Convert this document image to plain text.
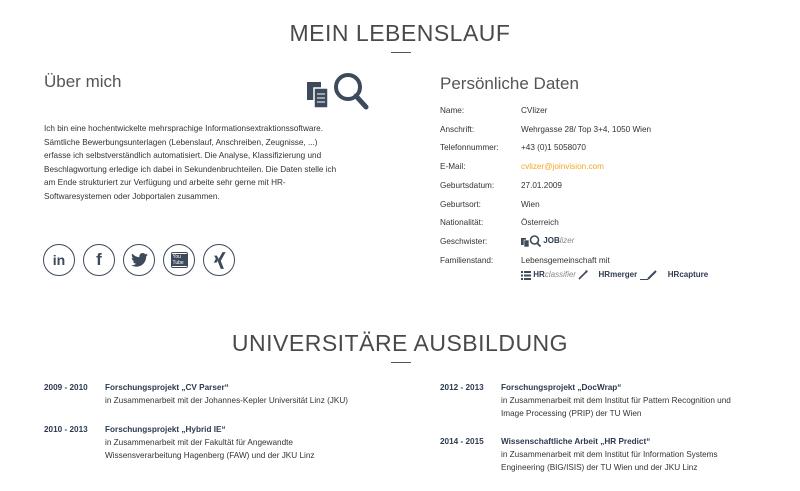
MEIN LEBENSLAUF
Über mich
Ich bin eine hochentwickelte mehrsprachige Informationsextraktionssoftware.
Sämtliche Bewerbungsunterlagen (Lebenslauf, Anschreiben, Zeugnisse, ...)
erfasse ich selbstverständlich automatisiert. Die Analyse, Klassifizierung und
Beschlagwortung erledige ich dabei in Sekundenbruchteilen. Die Daten stelle ich
am Ende strukturiert zur Verfügung und arbeite sehr gerne mit HR-
Softwaresystemen oder Jobportalen zusammen.
in f	You Tube
Persönliche Daten
Name:	CVlizer
Anschrift:	Wehrgasse 28/ Top 3+4, 1050 Wien
Telefonnummer:	+43 (0)1 5058070
E-Mail:	cvlizer@joinvision.com
Geburtsdatum:	27.01.2009
Geburtsort:	Wien
Nationalität:	Österreich
Geschwister:	JOBlizer
Familienstand:	Lebensgemeinschaft mit
HRclassifier	HRmerger	HRcapture
UNIVERSITÄRE AUSBILDUNG
2009 - 2010 Forschungsprojekt „CV Parser“
in Zusammenarbeit mit der Johannes-Kepler Universität Linz (JKU)
2010 - 2013 Forschungsprojekt „Hybrid IE“
in Zusammenarbeit mit der Fakultät für Angewandte
Wissensverarbeitung Hagenberg (FAW) und der JKU Linz
2012 - 2013 Forschungsprojekt „DocWrap“
in Zusammenarbeit mit dem Institut für Pattern Recognition und
Image Processing (PRIP) der TU Wien
2014 - 2015 Wissenschaftliche Arbeit „HR Predict“
in Zusammenarbeit mit dem Institut für Information Systems
Engineering (BIG/ISIS) der TU Wien und der JKU Linz
